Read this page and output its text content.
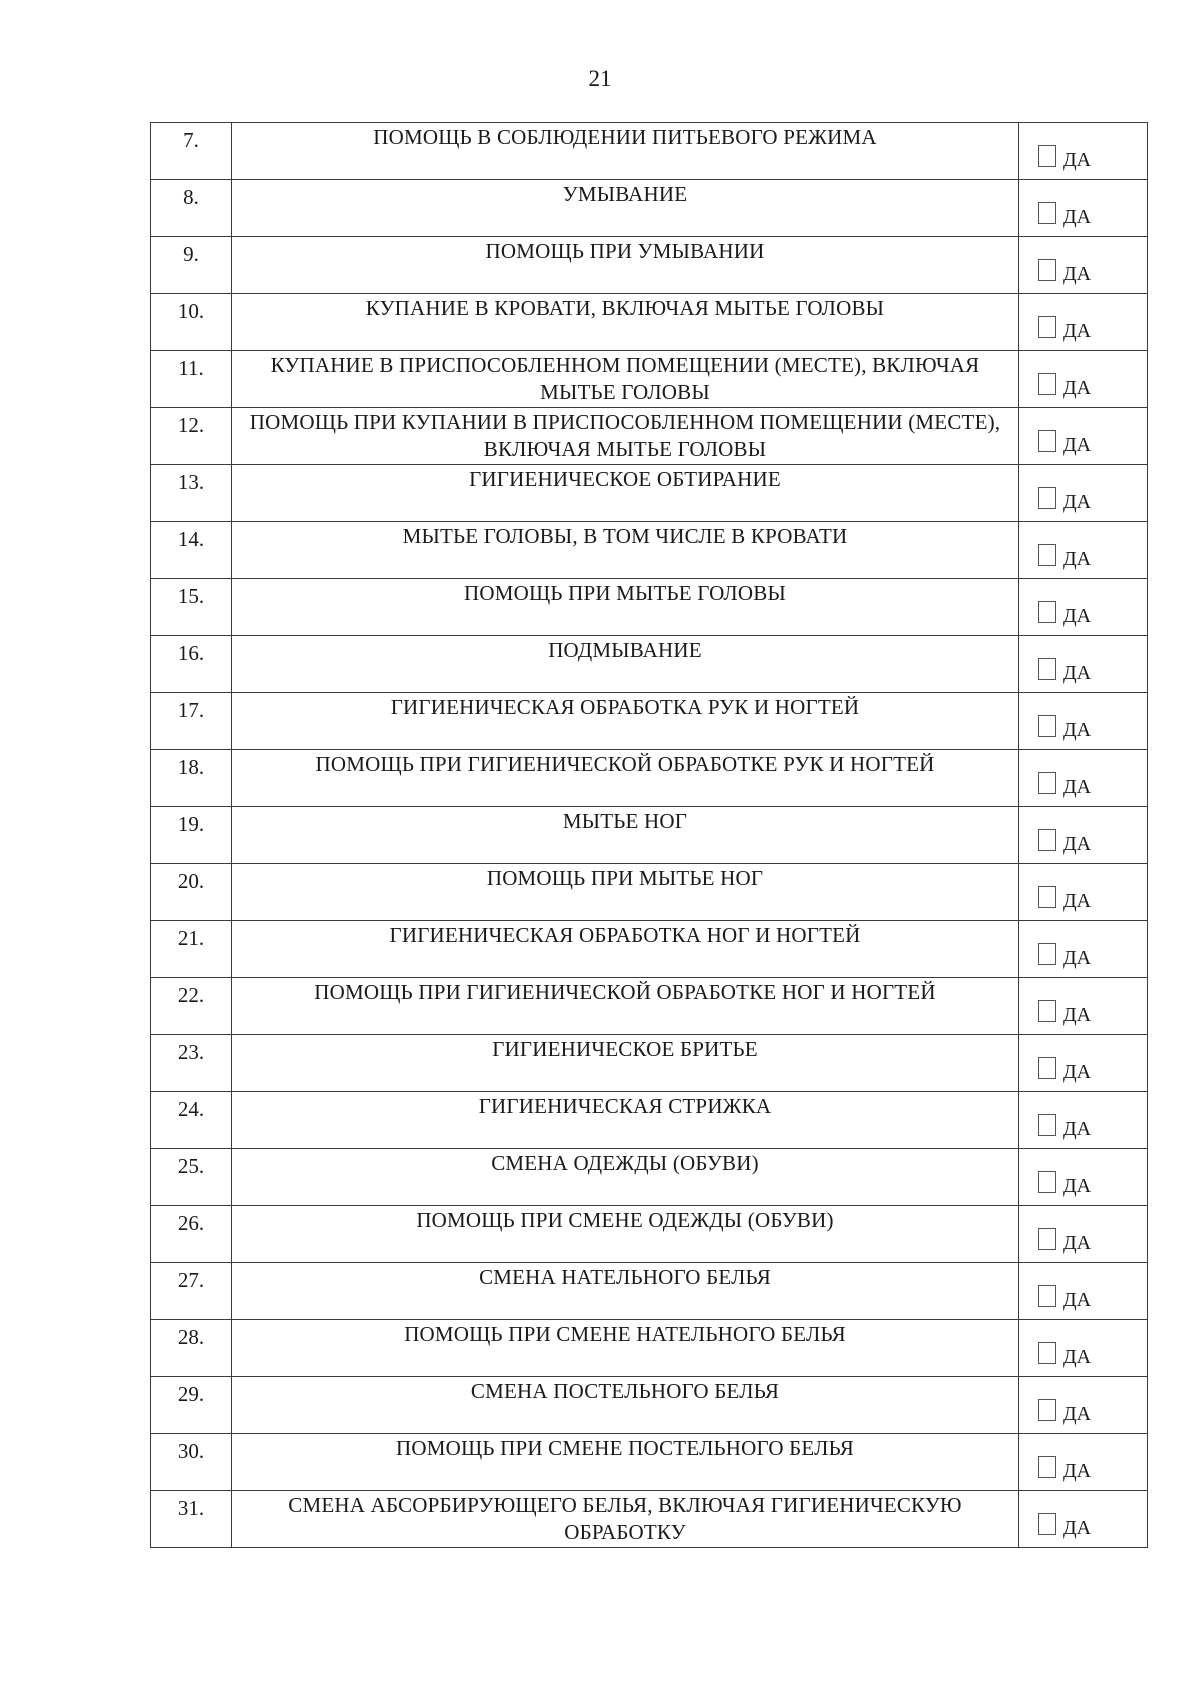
21
7.	ПОМОЩЬ В СОБЛЮДЕНИИ ПИТЬЕВОГО РЕЖИМА	ДА

8.	УМЫВАНИЕ	ДА

9.	ПОМОЩЬ ПРИ УМЫВАНИИ	ДА

10.	КУПАНИЕ В КРОВАТИ, ВКЛЮЧАЯ МЫТЬЕ ГОЛОВЫ	ДА

11.	КУПАНИЕ В ПРИСПОСОБЛЕННОМ ПОМЕЩЕНИИ (МЕСТЕ), ВКЛЮЧАЯ МЫТЬЕ ГОЛОВЫ	ДА

12.	ПОМОЩЬ ПРИ КУПАНИИ В ПРИСПОСОБЛЕННОМ ПОМЕЩЕНИИ (МЕСТЕ), ВКЛЮЧАЯ МЫТЬЕ ГОЛОВЫ	ДА

13.	ГИГИЕНИЧЕСКОЕ ОБТИРАНИЕ	ДА

14.	МЫТЬЕ ГОЛОВЫ, В ТОМ ЧИСЛЕ В КРОВАТИ	ДА

15.	ПОМОЩЬ ПРИ МЫТЬЕ ГОЛОВЫ	ДА

16.	ПОДМЫВАНИЕ	ДА

17.	ГИГИЕНИЧЕСКАЯ ОБРАБОТКА РУК И НОГТЕЙ	ДА

18.	ПОМОЩЬ ПРИ ГИГИЕНИЧЕСКОЙ ОБРАБОТКЕ РУК И НОГТЕЙ	ДА

19.	МЫТЬЕ НОГ	ДА

20.	ПОМОЩЬ ПРИ МЫТЬЕ НОГ	ДА

21.	ГИГИЕНИЧЕСКАЯ ОБРАБОТКА НОГ И НОГТЕЙ	ДА

22.	ПОМОЩЬ ПРИ ГИГИЕНИЧЕСКОЙ ОБРАБОТКЕ НОГ И НОГТЕЙ	ДА

23.	ГИГИЕНИЧЕСКОЕ БРИТЬЕ	ДА

24.	ГИГИЕНИЧЕСКАЯ СТРИЖКА	ДА

25.	СМЕНА ОДЕЖДЫ (ОБУВИ)	ДА

26.	ПОМОЩЬ ПРИ СМЕНЕ ОДЕЖДЫ (ОБУВИ)	ДА

27.	СМЕНА НАТЕЛЬНОГО БЕЛЬЯ	ДА

28.	ПОМОЩЬ ПРИ СМЕНЕ НАТЕЛЬНОГО БЕЛЬЯ	ДА

29.	СМЕНА ПОСТЕЛЬНОГО БЕЛЬЯ	ДА

30.	ПОМОЩЬ ПРИ СМЕНЕ ПОСТЕЛЬНОГО БЕЛЬЯ	ДА

31.	СМЕНА АБСОРБИРУЮЩЕГО БЕЛЬЯ, ВКЛЮЧАЯ ГИГИЕНИЧЕСКУЮ ОБРАБОТКУ	ДА
